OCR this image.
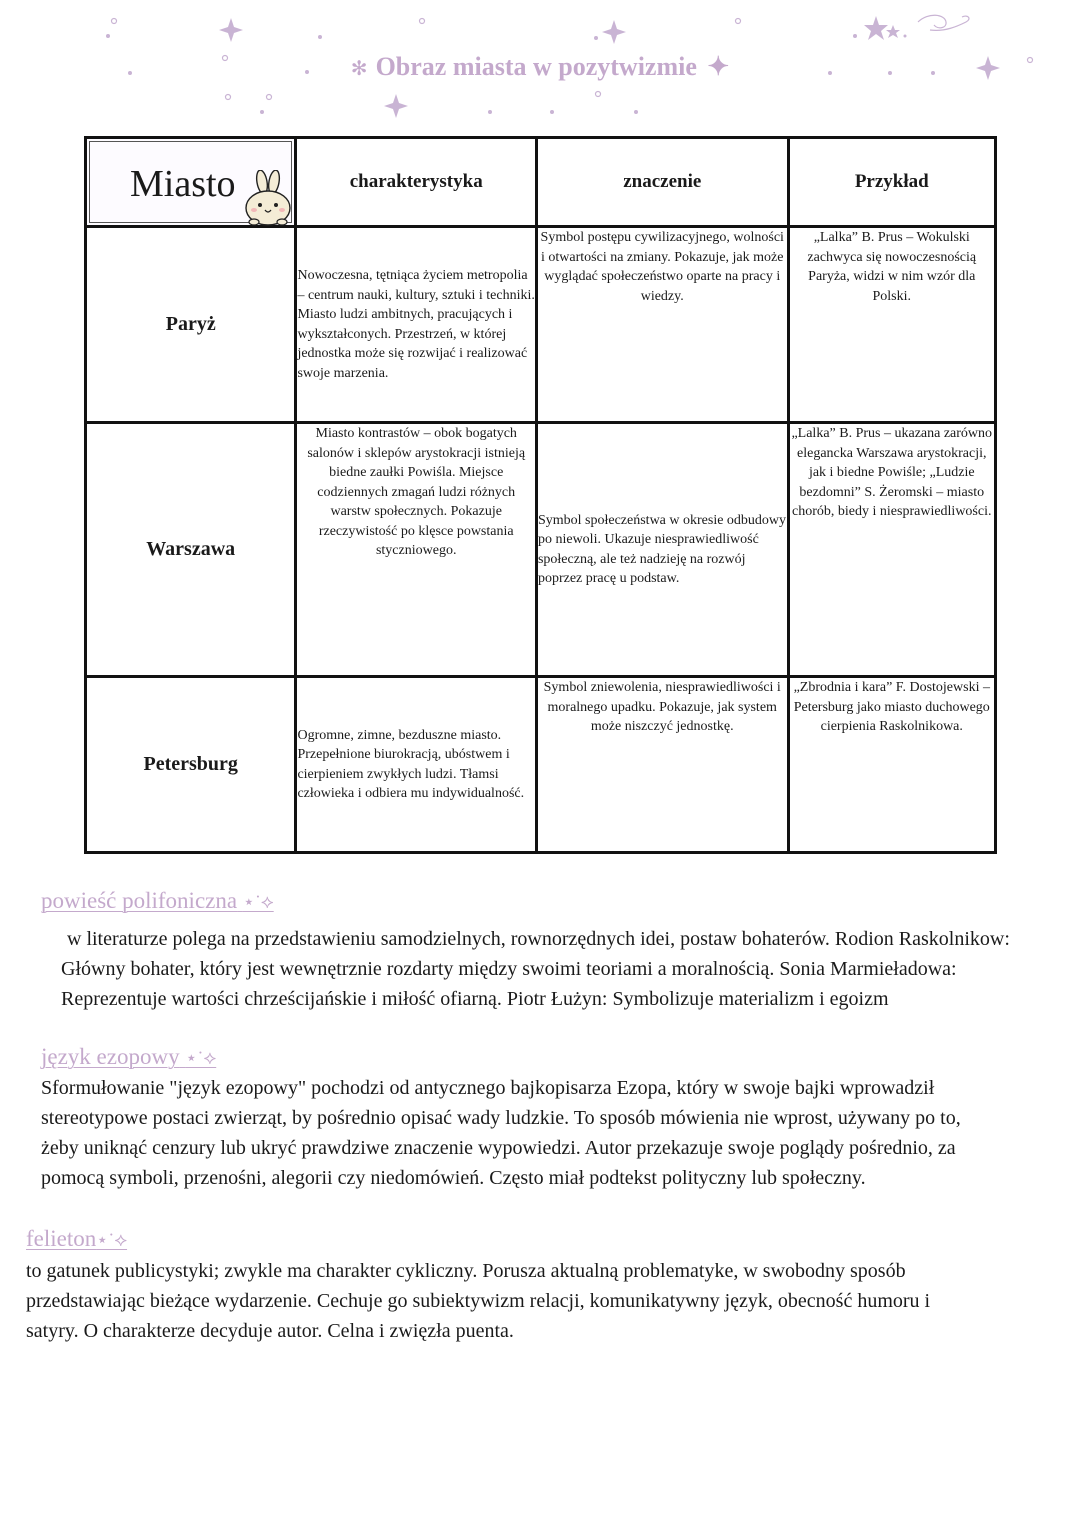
✻ Obraz miasta w pozytwizmie ✦
Miasto	charakterystyka	znaczenie	Przykład
Paryż	Nowoczesna, tętniąca życiem metropolia – centrum nauki, kultury, sztuki i techniki. Miasto ludzi ambitnych, pracujących i wykształconych. Przestrzeń, w której jednostka może się rozwijać i realizować swoje marzenia.	Symbol postępu cywilizacyjnego, wolności i otwartości na zmiany. Pokazuje, jak może wyglądać społeczeństwo oparte na pracy i wiedzy.	„Lalka” B. Prus – Wokulski zachwyca się nowoczesnością Paryża, widzi w nim wzór dla Polski.
Warszawa	Miasto kontrastów – obok bogatych salonów i sklepów arystokracji istnieją biedne zaułki Powiśla. Miejsce codziennych zmagań ludzi różnych warstw społecznych. Pokazuje rzeczywistość po klęsce powstania styczniowego.	Symbol społeczeństwa w okresie odbudowy po niewoli. Ukazuje niesprawiedliwość społeczną, ale też nadzieję na rozwój poprzez pracę u podstaw.	„Lalka” B. Prus – ukazana zarówno elegancka Warszawa arystokracji, jak i biedne Powiśle; „Ludzie bezdomni” S. Żeromski – miasto chorób, biedy i niesprawiedliwości.
Petersburg	Ogromne, zimne, bezduszne miasto. Przepełnione biurokracją, ubóstwem i cierpieniem zwykłych ludzi. Tłamsi człowieka i odbiera mu indywidualność.	Symbol zniewolenia, niesprawiedliwości i moralnego upadku. Pokazuje, jak system może niszczyć jednostkę.	„Zbrodnia i kara” F. Dostojewski – Petersburg jako miasto duchowego cierpienia Raskolnikowa.
powieść polifoniczna ⋆˙⟡
w literaturze polega na przedstawieniu samodzielnych, rownorzędnych idei, postaw bohaterów. Rodion Raskolnikow: Główny bohater, który jest wewnętrznie rozdarty między swoimi teoriami a moralnością. Sonia Marmieładowa: Reprezentuje wartości chrześcijańskie i miłość ofiarną. Piotr Łużyn: Symbolizuje materializm i egoizm
język ezopowy ⋆˙⟡
Sformułowanie "język ezopowy" pochodzi od antycznego bajkopisarza Ezopa, który w swoje bajki wprowadził stereotypowe postaci zwierząt, by pośrednio opisać wady ludzkie. To sposób mówienia nie wprost, używany po to, żeby uniknąć cenzury lub ukryć prawdziwe znaczenie wypowiedzi. Autor przekazuje swoje poglądy pośrednio, za pomocą symboli, przenośni, alegorii czy niedomówień. Często miał podtekst polityczny lub społeczny.
felieton⋆˙⟡
to gatunek publicystyki; zwykle ma charakter cykliczny. Porusza aktualną problematyke, w swobodny sposób przedstawiając bieżące wydarzenie. Cechuje go subiektywizm relacji, komunikatywny język, obecność humoru i satyry. O charakterze decyduje autor. Celna i zwięzła puenta.
